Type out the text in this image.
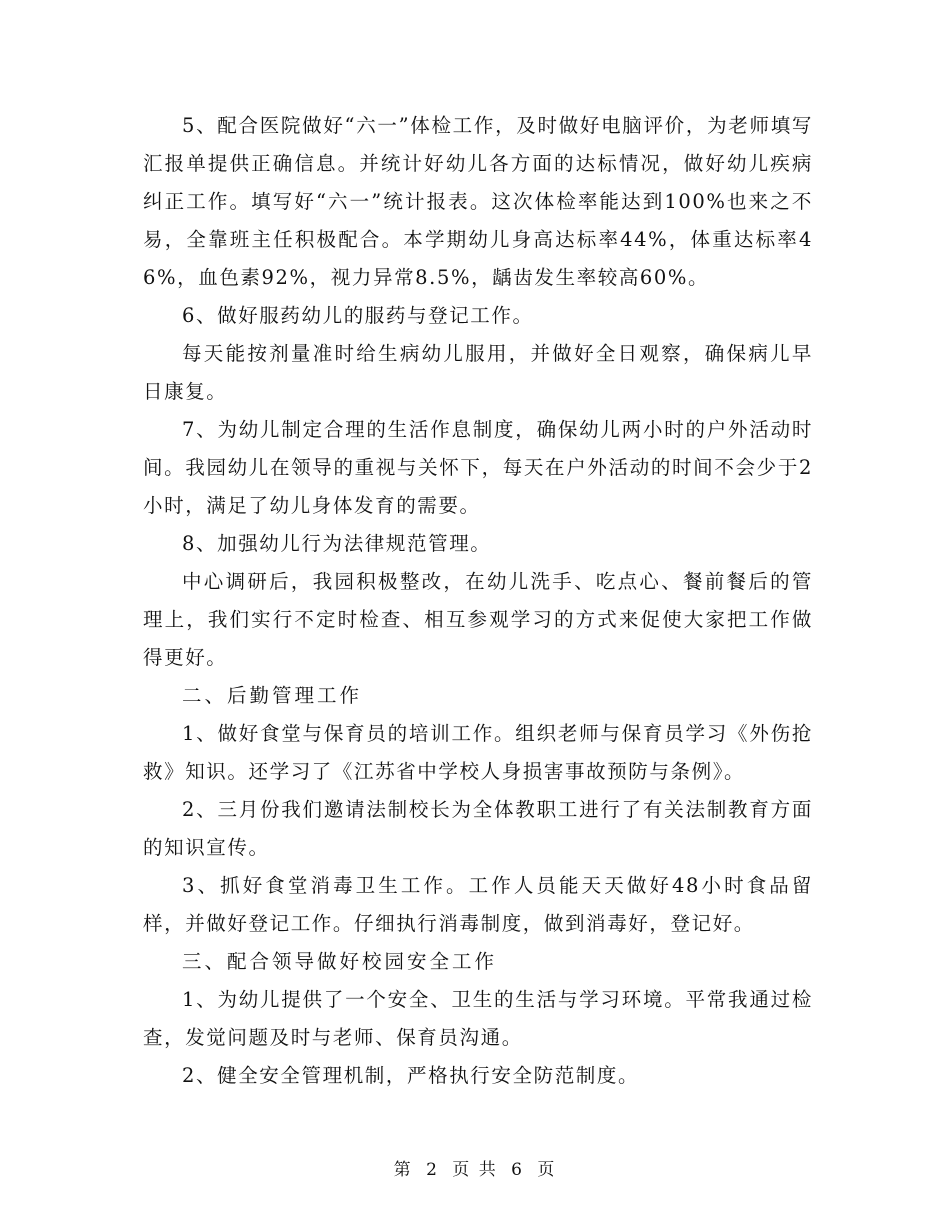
5、配合医院做好“六一”体检工作，及时做好电脑评价，为老师填写汇报单提供正确信息。并统计好幼儿各方面的达标情况，做好幼儿疾病纠正工作。填写好“六一”统计报表。这次体检率能达到100%也来之不易，全靠班主任积极配合。本学期幼儿身高达标率44%，体重达标率46%，血色素92%，视力异常8.5%，龋齿发生率较高60%。

6、做好服药幼儿的服药与登记工作。

每天能按剂量准时给生病幼儿服用，并做好全日观察，确保病儿早日康复。

7、为幼儿制定合理的生活作息制度，确保幼儿两小时的户外活动时间。我园幼儿在领导的重视与关怀下，每天在户外活动的时间不会少于2小时，满足了幼儿身体发育的需要。

8、加强幼儿行为法律规范管理。

中心调研后，我园积极整改，在幼儿洗手、吃点心、餐前餐后的管理上，我们实行不定时检查、相互参观学习的方式来促使大家把工作做得更好。

二、后勤管理工作

1、做好食堂与保育员的培训工作。组织老师与保育员学习《外伤抢救》知识。还学习了《江苏省中学校人身损害事故预防与条例》。

2、三月份我们邀请法制校长为全体教职工进行了有关法制教育方面的知识宣传。

3、抓好食堂消毒卫生工作。工作人员能天天做好48小时食品留样，并做好登记工作。仔细执行消毒制度，做到消毒好，登记好。

三、配合领导做好校园安全工作

1、为幼儿提供了一个安全、卫生的生活与学习环境。平常我通过检查，发觉问题及时与老师、保育员沟通。

2、健全安全管理机制，严格执行安全防范制度。

第 2 页 共 6 页
